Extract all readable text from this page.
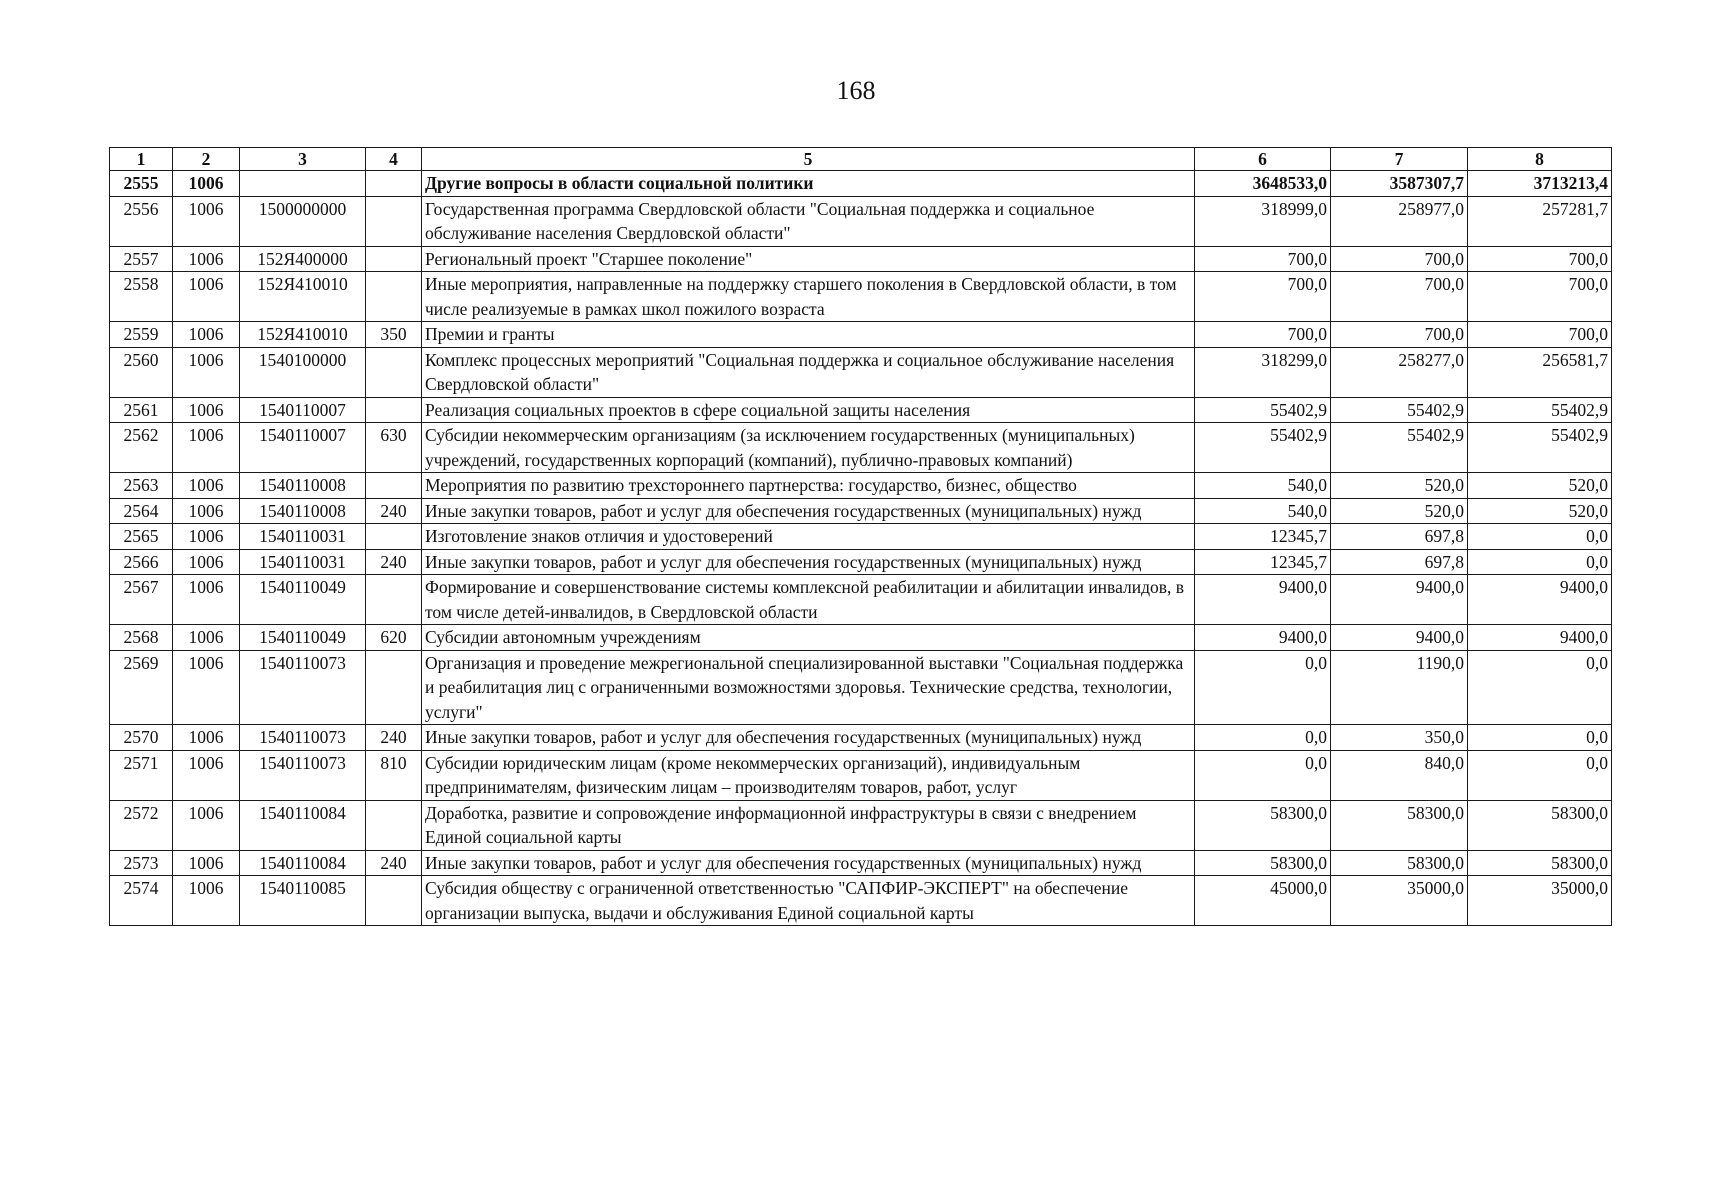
168
1	2	3	4	5	6	7	8
2555	1006			Другие вопросы в области социальной политики	3648533,0	3587307,7	3713213,4
2556	1006	1500000000		Государственная программа Свердловской области "Социальная поддержка и социальное обслуживание населения Свердловской области"	318999,0	258977,0	257281,7
2557	1006	152Я400000		Региональный проект "Старшее поколение"	700,0	700,0	700,0
2558	1006	152Я410010		Иные мероприятия, направленные на поддержку старшего поколения в Свердловской области, в том числе реализуемые в рамках школ пожилого возраста	700,0	700,0	700,0
2559	1006	152Я410010	350	Премии и гранты	700,0	700,0	700,0
2560	1006	1540100000		Комплекс процессных мероприятий "Социальная поддержка и социальное обслуживание населения Свердловской области"	318299,0	258277,0	256581,7
2561	1006	1540110007		Реализация социальных проектов в сфере социальной защиты населения	55402,9	55402,9	55402,9
2562	1006	1540110007	630	Субсидии некоммерческим организациям (за исключением государственных (муниципальных) учреждений, государственных корпораций (компаний), публично-правовых компаний)	55402,9	55402,9	55402,9
2563	1006	1540110008		Мероприятия по развитию трехстороннего партнерства: государство, бизнес, общество	540,0	520,0	520,0
2564	1006	1540110008	240	Иные закупки товаров, работ и услуг для обеспечения государственных (муниципальных) нужд	540,0	520,0	520,0
2565	1006	1540110031		Изготовление знаков отличия и удостоверений	12345,7	697,8	0,0
2566	1006	1540110031	240	Иные закупки товаров, работ и услуг для обеспечения государственных (муниципальных) нужд	12345,7	697,8	0,0
2567	1006	1540110049		Формирование и совершенствование системы комплексной реабилитации и абилитации инвалидов, в том числе детей-инвалидов, в Свердловской области	9400,0	9400,0	9400,0
2568	1006	1540110049	620	Субсидии автономным учреждениям	9400,0	9400,0	9400,0
2569	1006	1540110073		Организация и проведение межрегиональной специализированной выставки "Социальная поддержка и реабилитация лиц с ограниченными возможностями здоровья. Технические средства, технологии, услуги"	0,0	1190,0	0,0
2570	1006	1540110073	240	Иные закупки товаров, работ и услуг для обеспечения государственных (муниципальных) нужд	0,0	350,0	0,0
2571	1006	1540110073	810	Субсидии юридическим лицам (кроме некоммерческих организаций), индивидуальным предпринимателям, физическим лицам – производителям товаров, работ, услуг	0,0	840,0	0,0
2572	1006	1540110084		Доработка, развитие и сопровождение информационной инфраструктуры в связи с внедрением Единой социальной карты	58300,0	58300,0	58300,0
2573	1006	1540110084	240	Иные закупки товаров, работ и услуг для обеспечения государственных (муниципальных) нужд	58300,0	58300,0	58300,0
2574	1006	1540110085		Субсидия обществу с ограниченной ответственностью "САПФИР-ЭКСПЕРТ" на обеспечение организации выпуска, выдачи и обслуживания Единой социальной карты	45000,0	35000,0	35000,0
